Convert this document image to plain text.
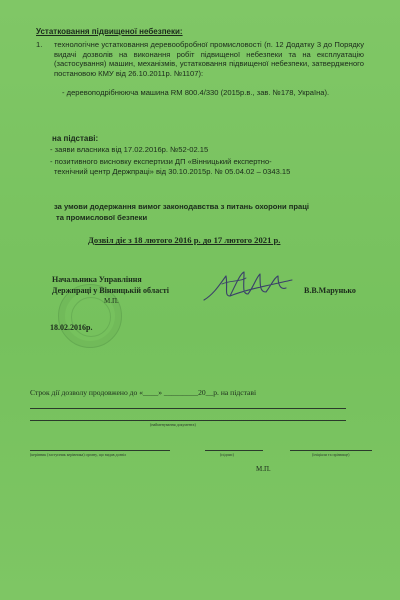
Устатковання підвищеної небезпеки:
1. технологічне устатковання деревообробної промисловості (п. 12 Додатку 3 до Порядку видачі дозволів на виконання робіт підвищеної небезпеки та на експлуатацію (застосування) машин, механізмів, устатковання підвищеної небезпеки, затвердженого постановою КМУ від 26.10.2011р. №1107):
- деревоподрібнююча машина RM 800.4/330 (2015р.в., зав. №178, Україна).
на підставі:
- заяви власника від 17.02.2016р. №52-02.15
- позитивного висновку експертизи ДП «Вінницький експертно-
технічний центр Держпраці» від 30.10.2015р. № 05.04.02 – 0343.15
за умови додержання вимог законодавства з питань охорони праці
та промислової безпеки
Дозвіл діє з 18 лютого 2016 р. до 17 лютого 2021 р.
Начальника Управління
Держпраці у Вінницькій області
М.П.
В.В.Марунько
18.02.2016р.
Строк дії дозволу продовжено до «____» _________20__р. на підставі
(найменування документа)
(керівник (заступник керівника) органу, що видав дозвіл	(підпис)	(ініціали та прізвище)
М.П.
